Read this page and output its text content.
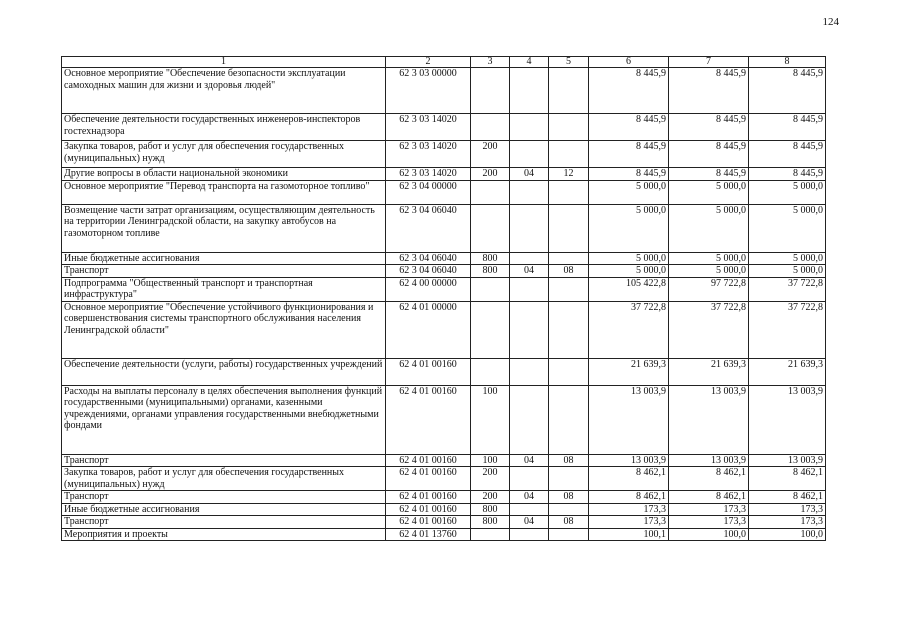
124
1	2	3	4	5	6	7	8
Основное мероприятие "Обеспечение безопасности эксплуатации самоходных машин для жизни и здоровья людей"	62 3 03 00000				8 445,9	8 445,9	8 445,9
Обеспечение деятельности государственных инженеров-инспекторов гостехнадзора	62 3 03 14020				8 445,9	8 445,9	8 445,9
Закупка товаров, работ и услуг для обеспечения государственных (муниципальных) нужд	62 3 03 14020	200			8 445,9	8 445,9	8 445,9
Другие вопросы в области национальной экономики	62 3 03 14020	200	04	12	8 445,9	8 445,9	8 445,9
Основное мероприятие "Перевод транспорта на газомоторное топливо"	62 3 04 00000				5 000,0	5 000,0	5 000,0
Возмещение части затрат организациям, осуществляющим деятельность на территории Ленинградской области, на закупку автобусов на газомоторном топливе	62 3 04 06040				5 000,0	5 000,0	5 000,0
Иные бюджетные ассигнования	62 3 04 06040	800			5 000,0	5 000,0	5 000,0
Транспорт	62 3 04 06040	800	04	08	5 000,0	5 000,0	5 000,0
Подпрограмма "Общественный транспорт и транспортная инфраструктура"	62 4 00 00000				105 422,8	97 722,8	37 722,8
Основное мероприятие "Обеспечение устойчивого функционирования и совершенствования системы транспортного обслуживания населения Ленинградской области"	62 4 01 00000				37 722,8	37 722,8	37 722,8
Обеспечение деятельности (услуги, работы) государственных учреждений	62 4 01 00160				21 639,3	21 639,3	21 639,3
Расходы на выплаты персоналу в целях обеспечения выполнения функций государственными (муниципальными) органами, казенными учреждениями, органами управления государственными внебюджетными фондами	62 4 01 00160	100			13 003,9	13 003,9	13 003,9
Транспорт	62 4 01 00160	100	04	08	13 003,9	13 003,9	13 003,9
Закупка товаров, работ и услуг для обеспечения государственных (муниципальных) нужд	62 4 01 00160	200			8 462,1	8 462,1	8 462,1
Транспорт	62 4 01 00160	200	04	08	8 462,1	8 462,1	8 462,1
Иные бюджетные ассигнования	62 4 01 00160	800			173,3	173,3	173,3
Транспорт	62 4 01 00160	800	04	08	173,3	173,3	173,3
Мероприятия и проекты	62 4 01 13760				100,1	100,0	100,0
